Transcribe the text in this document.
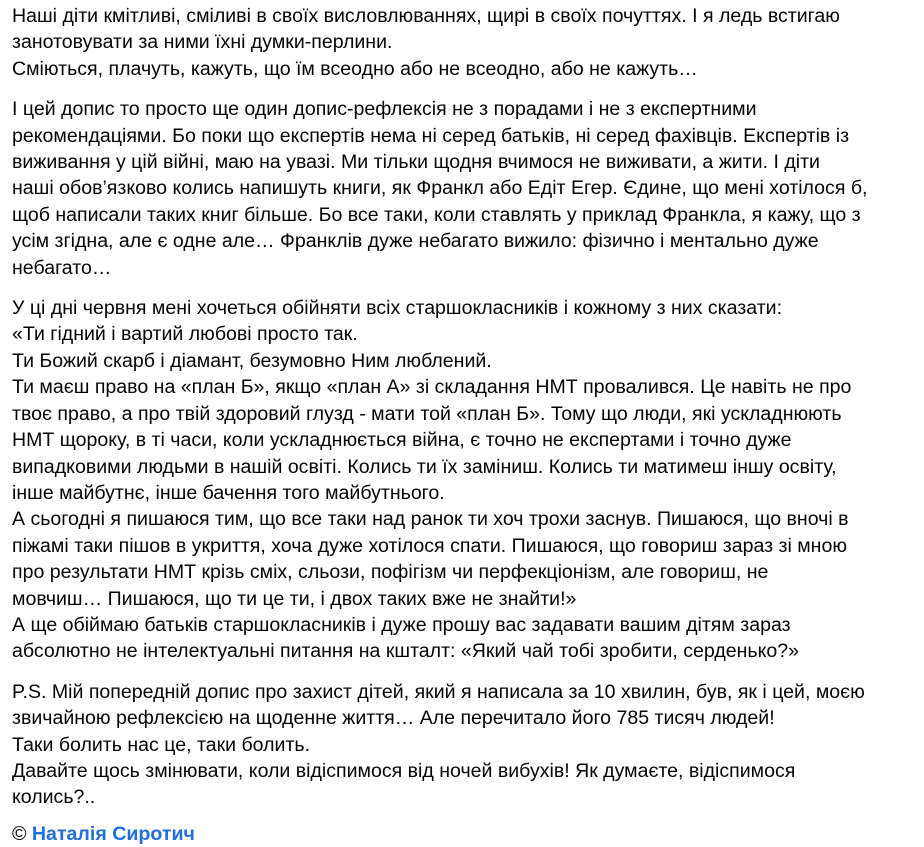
Наші діти кмітливі, сміливі в своїх висловлюваннях, щирі в своїх почуттях. І я ледь встигаю
занотовувати за ними їхні думки-перлини.
Сміються, плачуть, кажуть, що їм всеодно або не всеодно, або не кажуть…
І цей допис то просто ще один допис-рефлексія не з порадами і не з експертними
рекомендаціями. Бо поки що експертів нема ні серед батьків, ні серед фахівців. Експертів із
виживання у цій війні, маю на увазі. Ми тільки щодня вчимося не виживати, а жити. І діти
наші обов’язково колись напишуть книги, як Франкл або Едіт Егер. Єдине, що мені хотілося б,
щоб написали таких книг більше. Бо все таки, коли ставлять у приклад Франкла, я кажу, що з
усім згідна, але є одне але… Франклів дуже небагато вижило: фізично і ментально дуже
небагато…
У ці дні червня мені хочеться обійняти всіх старшокласників і кожному з них сказати:
«Ти гідний і вартий любові просто так.
Ти Божий скарб і діамант, безумовно Ним люблений.
Ти маєш право на «план Б», якщо «план А» зі складання НМТ провалився. Це навіть не про
твоє право, а про твій здоровий глузд - мати той «план Б». Тому що люди, які ускладнюють
НМТ щороку, в ті часи, коли ускладнюється війна, є точно не експертами і точно дуже
випадковими людьми в нашій освіті. Колись ти їх заміниш. Колись ти матимеш іншу освіту,
інше майбутнє, інше бачення того майбутнього.
А сьогодні я пишаюся тим, що все таки над ранок ти хоч трохи заснув. Пишаюся, що вночі в
піжамі таки пішов в укриття, хоча дуже хотілося спати. Пишаюся, що говориш зараз зі мною
про результати НМТ крізь сміх, сльози, пофігізм чи перфекціонізм, але говориш, не
мовчиш… Пишаюся, що ти це ти, і двох таких вже не знайти!»
А ще обіймаю батьків старшокласників і дуже прошу вас задавати вашим дітям зараз
абсолютно не інтелектуальні питання на кшталт: «Який чай тобі зробити, серденько?»
P.S. Мій попередній допис про захист дітей, який я написала за 10 хвилин, був, як і цей, моєю
звичайною рефлексією на щоденне життя… Але перечитало його 785 тисяч людей!
Таки болить нас це, таки болить.
Давайте щось змінювати, коли відіспимося від ночей вибухів! Як думаєте, відіспимося
колись?..
© Наталія Сиротич
